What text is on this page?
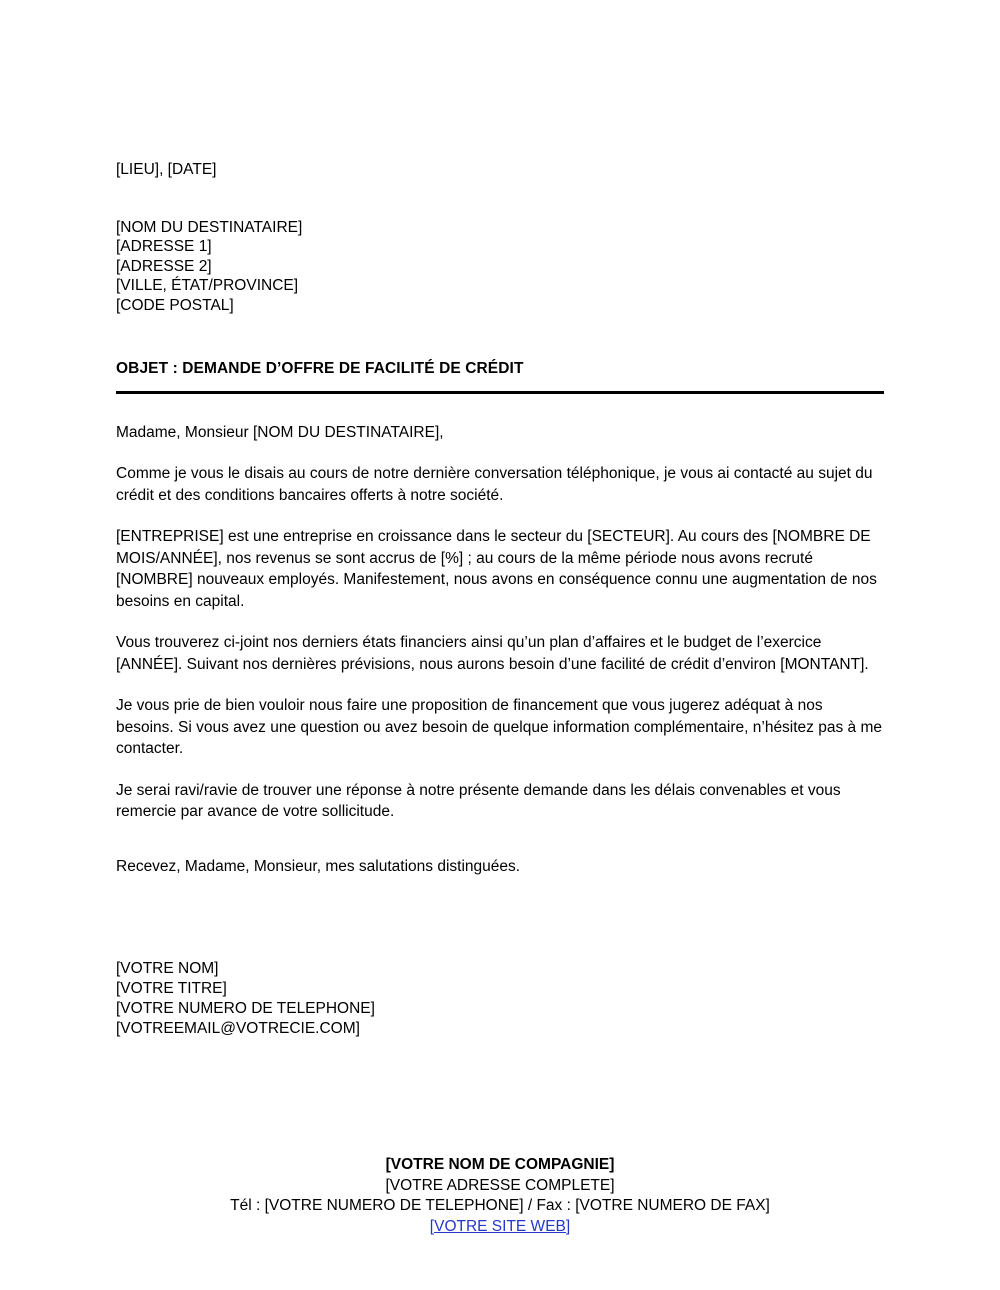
[LIEU], [DATE]
[NOM DU DESTINATAIRE]
[ADRESSE 1]
[ADRESSE 2]
[VILLE, ÉTAT/PROVINCE]
[CODE POSTAL]
OBJET : DEMANDE D’OFFRE DE FACILITÉ DE CRÉDIT

Madame, Monsieur [NOM DU DESTINATAIRE],

Comme je vous le disais au cours de notre dernière conversation téléphonique, je vous ai contacté au sujet du crédit et des conditions bancaires offerts à notre société.

[ENTREPRISE] est une entreprise en croissance dans le secteur du [SECTEUR]. Au cours des [NOMBRE DE MOIS/ANNÉE], nos revenus se sont accrus de [%] ; au cours de la même période nous avons recruté [NOMBRE] nouveaux employés. Manifestement, nous avons en conséquence connu une augmentation de nos besoins en capital.

Vous trouverez ci-joint nos derniers états financiers ainsi qu’un plan d’affaires et le budget de l’exercice [ANNÉE]. Suivant nos dernières prévisions, nous aurons besoin d’une facilité de crédit d’environ [MONTANT].

Je vous prie de bien vouloir nous faire une proposition de financement que vous jugerez adéquat à nos besoins. Si vous avez une question ou avez besoin de quelque information complémentaire, n’hésitez pas à me contacter.

Je serai ravi/ravie de trouver une réponse à notre présente demande dans les délais convenables et vous remercie par avance de votre sollicitude.

Recevez, Madame, Monsieur, mes salutations distinguées.

[VOTRE NOM]
[VOTRE TITRE]
[VOTRE NUMERO DE TELEPHONE]
[VOTREEMAIL@VOTRECIE.COM]
[VOTRE NOM DE COMPAGNIE]
[VOTRE ADRESSE COMPLETE]
Tél : [VOTRE NUMERO DE TELEPHONE] / Fax : [VOTRE NUMERO DE FAX]
[VOTRE SITE WEB]
